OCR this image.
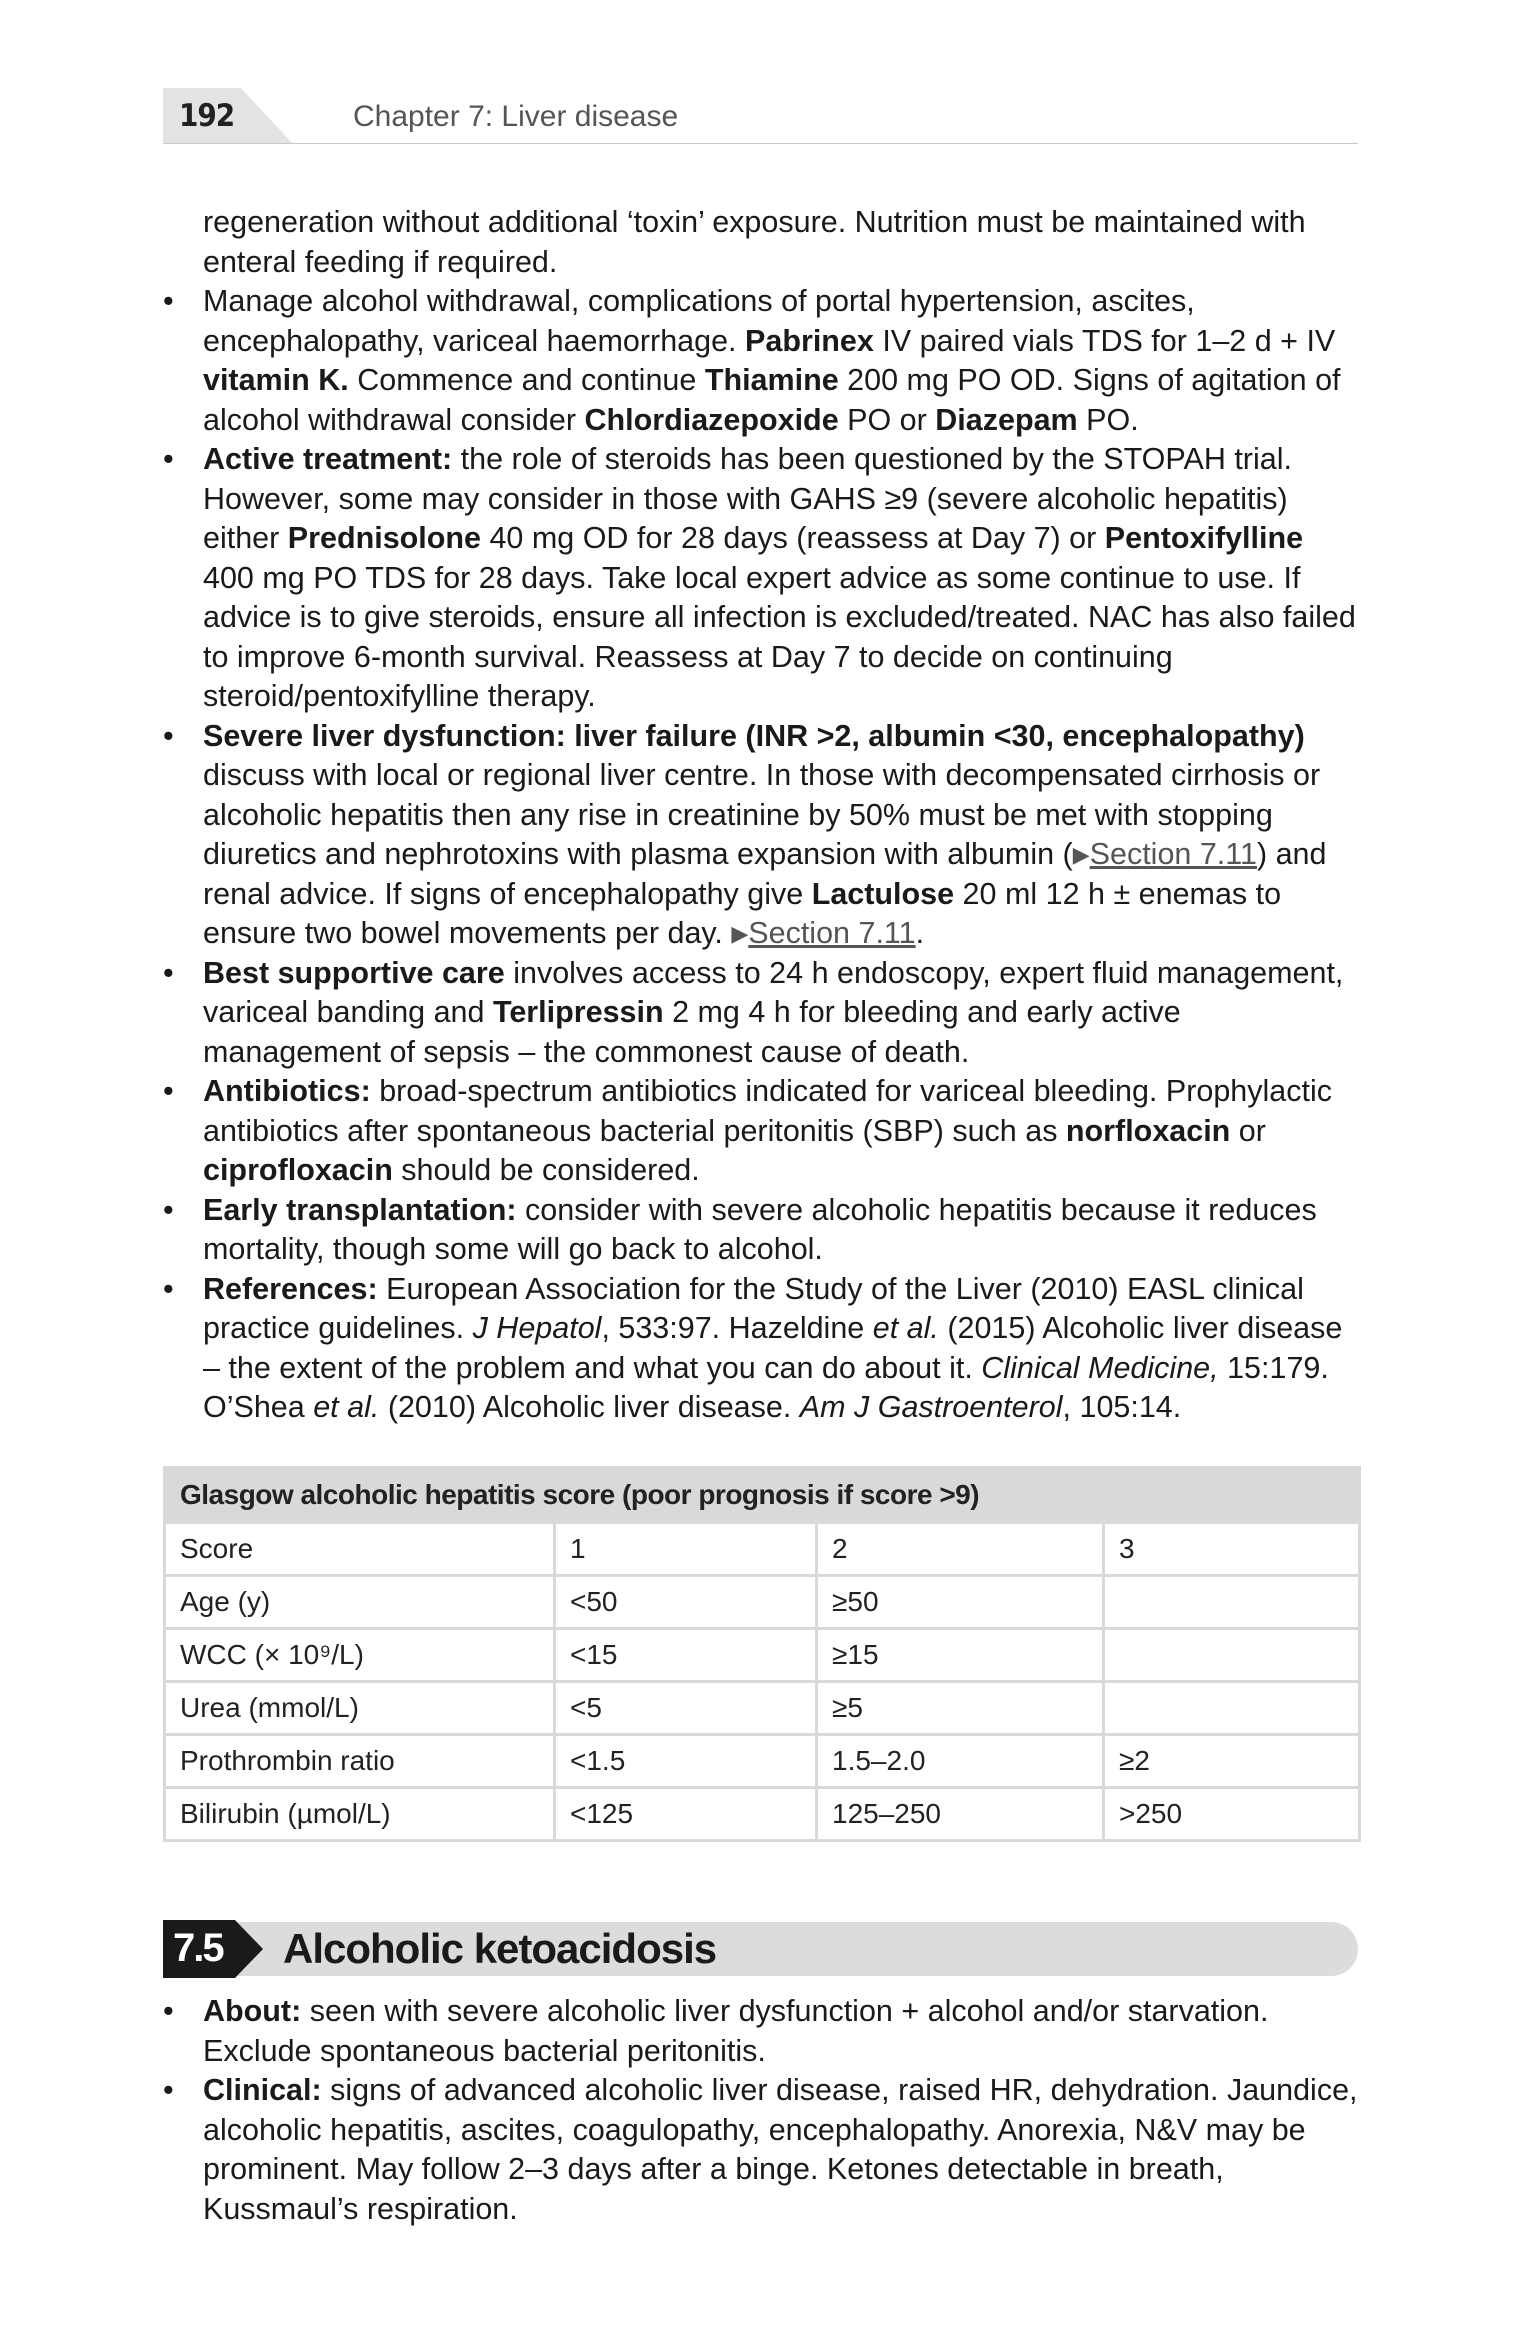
192	Chapter 7: Liver disease

regeneration without additional ‘toxin’ exposure. Nutrition must be maintained with enteral feeding if required.

• Manage alcohol withdrawal, complications of portal hypertension, ascites, encephalopathy, variceal haemorrhage. Pabrinex IV paired vials TDS for 1–2 d + IV vitamin K. Commence and continue Thiamine 200 mg PO OD. Signs of agitation of alcohol withdrawal consider Chlordiazepoxide PO or Diazepam PO.
• Active treatment: the role of steroids has been questioned by the STOPAH trial. However, some may consider in those with GAHS ≥9 (severe alcoholic hepatitis) either Prednisolone 40 mg OD for 28 days (reassess at Day 7) or Pentoxifylline 400 mg PO TDS for 28 days. Take local expert advice as some continue to use. If advice is to give steroids, ensure all infection is excluded/treated. NAC has also failed to improve 6-month survival. Reassess at Day 7 to decide on continuing steroid/pentoxifylline therapy.
• Severe liver dysfunction: liver failure (INR >2, albumin <30, encephalopathy) discuss with local or regional liver centre. In those with decompensated cirrhosis or alcoholic hepatitis then any rise in creatinine by 50% must be met with stopping diuretics and nephrotoxins with plasma expansion with albumin (▶Section 7.11) and renal advice. If signs of encephalopathy give Lactulose 20 ml 12 h ± enemas to ensure two bowel movements per day. ▶Section 7.11.
• Best supportive care involves access to 24 h endoscopy, expert fluid management, variceal banding and Terlipressin 2 mg 4 h for bleeding and early active management of sepsis – the commonest cause of death.
• Antibiotics: broad-spectrum antibiotics indicated for variceal bleeding. Prophylactic antibiotics after spontaneous bacterial peritonitis (SBP) such as norfloxacin or ciprofloxacin should be considered.
• Early transplantation: consider with severe alcoholic hepatitis because it reduces mortality, though some will go back to alcohol.
• References: European Association for the Study of the Liver (2010) EASL clinical practice guidelines. J Hepatol, 533:97. Hazeldine et al. (2015) Alcoholic liver disease – the extent of the problem and what you can do about it. Clinical Medicine, 15:179. O’Shea et al. (2010) Alcoholic liver disease. Am J Gastroenterol, 105:14.
Glasgow alcoholic hepatitis score (poor prognosis if score >9)			
Score	1	2	3
Age (y)	<50	≥50	
WCC (× 10⁹/L)	<15	≥15	
Urea (mmol/L)	<5	≥5	
Prothrombin ratio	<1.5	1.5–2.0	≥2
Bilirubin (µmol/L)	<125	125–250	>250
7.5 Alcoholic ketoacidosis
• About: seen with severe alcoholic liver dysfunction + alcohol and/or starvation. Exclude spontaneous bacterial peritonitis.
• Clinical: signs of advanced alcoholic liver disease, raised HR, dehydration. Jaundice, alcoholic hepatitis, ascites, coagulopathy, encephalopathy. Anorexia, N&V may be prominent. May follow 2–3 days after a binge. Ketones detectable in breath, Kussmaul’s respiration.
